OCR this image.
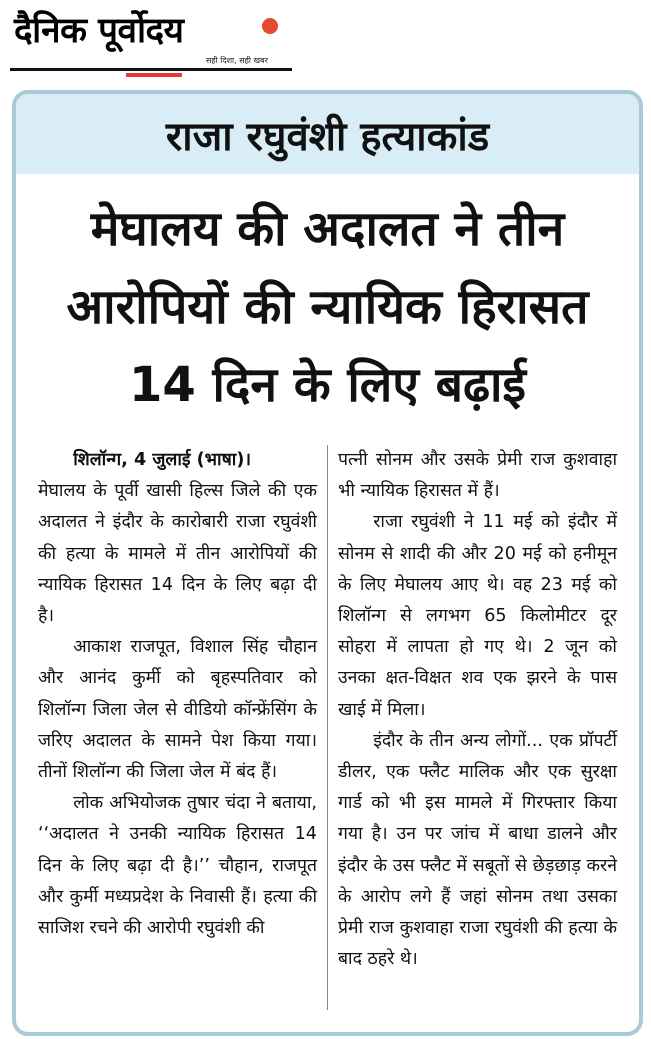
दैनिक पूर्वोदय
सही दिशा, सही खबर
राजा रघुवंशी हत्याकांड
मेघालय की अदालत ने तीन
आरोपियों की न्यायिक हिरासत
14 दिन के लिए बढ़ाई

शिलॉन्ग, 4 जुलाई (भाषा)।

मेघालय के पूर्वी खासी हिल्स जिले की एक अदालत ने इंदौर के कारोबारी राजा रघुवंशी की हत्या के मामले में तीन आरोपियों की न्यायिक हिरासत 14 दिन के लिए बढ़ा दी है।

आकाश राजपूत, विशाल सिंह चौहान और आनंद कुर्मी को बृहस्पतिवार को शिलॉन्ग जिला जेल से वीडियो कॉन्फ्रेंसिंग के जरिए अदालत के सामने पेश किया गया। तीनों शिलॉन्ग की जिला जेल में बंद हैं।

लोक अभियोजक तुषार चंदा ने बताया, ‘‘अदालत ने उनकी न्यायिक हिरासत 14 दिन के लिए बढ़ा दी है।’’ चौहान, राजपूत और कुर्मी मध्यप्रदेश के निवासी हैं। हत्या की साजिश रचने की आरोपी रघुवंशी की

पत्नी सोनम और उसके प्रेमी राज कुशवाहा भी न्यायिक हिरासत में हैं।

राजा रघुवंशी ने 11 मई को इंदौर में सोनम से शादी की और 20 मई को हनीमून के लिए मेघालय आए थे। वह 23 मई को शिलॉन्ग से लगभग 65 किलोमीटर दूर सोहरा में लापता हो गए थे। 2 जून को उनका क्षत-विक्षत शव एक झरने के पास खाई में मिला।

इंदौर के तीन अन्य लोगों... एक प्रॉपर्टी डीलर, एक फ्लैट मालिक और एक सुरक्षा गार्ड को भी इस मामले में गिरफ्तार किया गया है। उन पर जांच में बाधा डालने और इंदौर के उस फ्लैट में सबूतों से छेड़छाड़ करने के आरोप लगे हैं जहां सोनम तथा उसका प्रेमी राज कुशवाहा राजा रघुवंशी की हत्या के बाद ठहरे थे।
